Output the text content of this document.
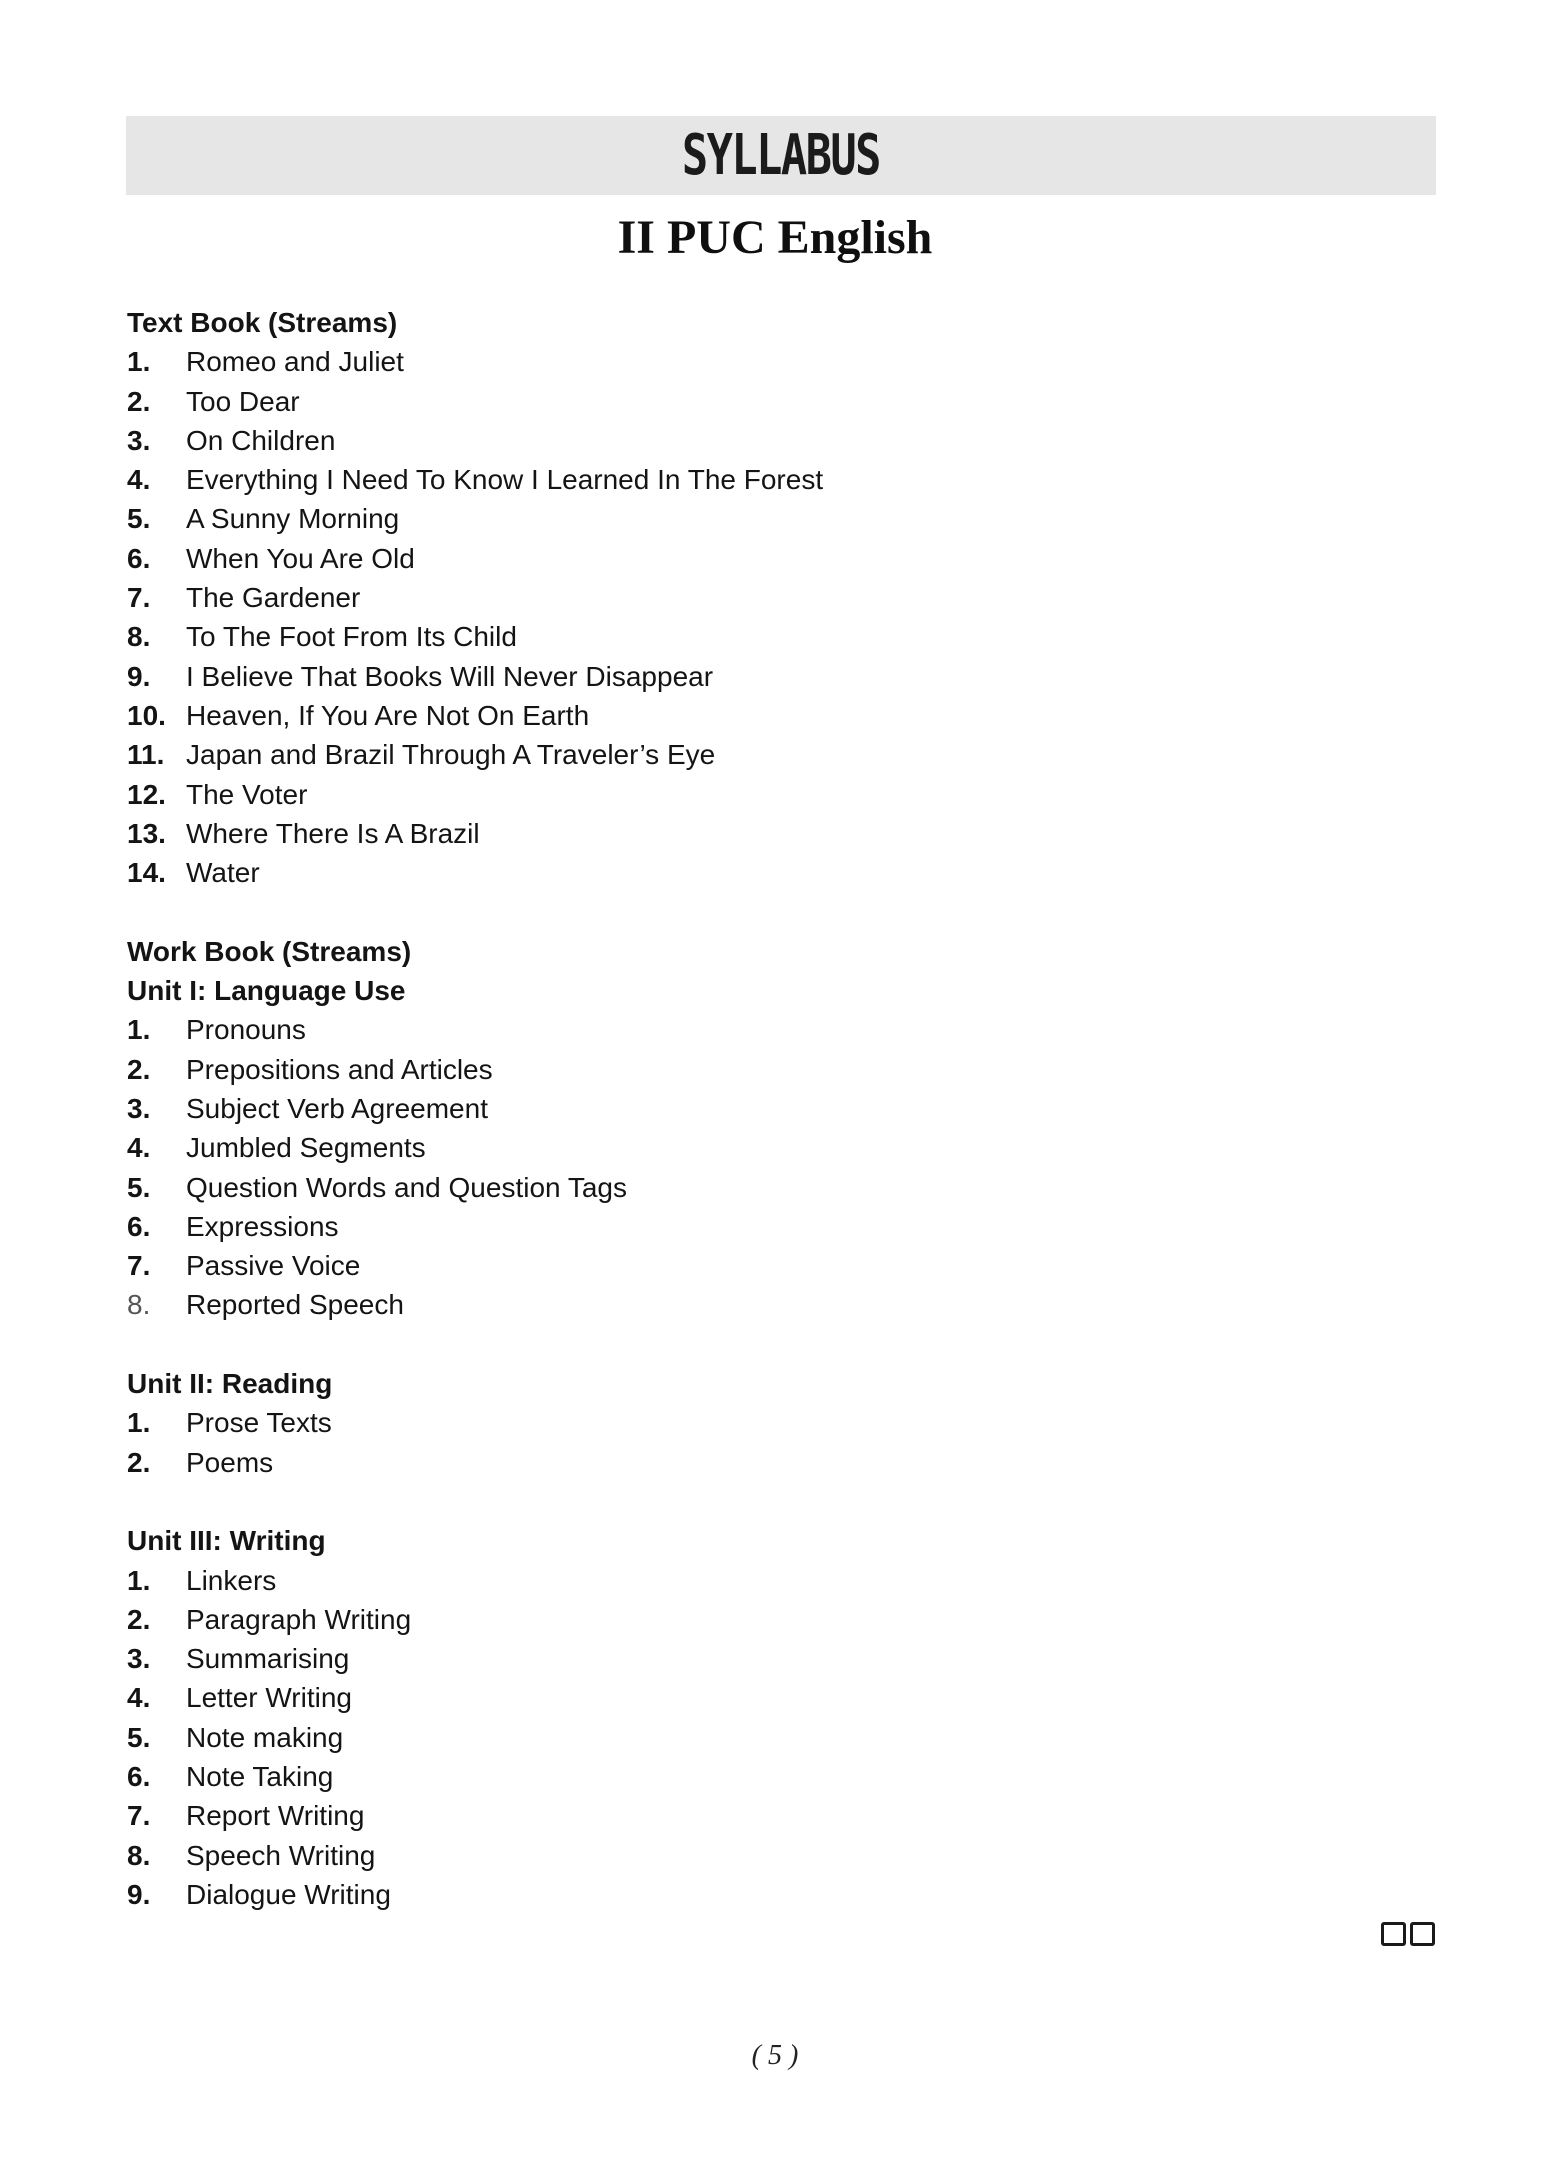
SYLLABUS
II PUC English
Text Book (Streams)
1. Romeo and Juliet
2. Too Dear
3. On Children
4. Everything I Need To Know I Learned In The Forest
5. A Sunny Morning
6. When You Are Old
7. The Gardener
8. To The Foot From Its Child
9. I Believe That Books Will Never Disappear
10. Heaven, If You Are Not On Earth
11. Japan and Brazil Through A Traveler’s Eye
12. The Voter
13. Where There Is A Brazil
14. Water
Work Book (Streams)
Unit I: Language Use
1. Pronouns
2. Prepositions and Articles
3. Subject Verb Agreement
4. Jumbled Segments
5. Question Words and Question Tags
6. Expressions
7. Passive Voice
8. Reported Speech
Unit II: Reading
1. Prose Texts
2. Poems
Unit III: Writing
1. Linkers
2. Paragraph Writing
3. Summarising
4. Letter Writing
5. Note making
6. Note Taking
7. Report Writing
8. Speech Writing
9. Dialogue Writing
( 5 )
